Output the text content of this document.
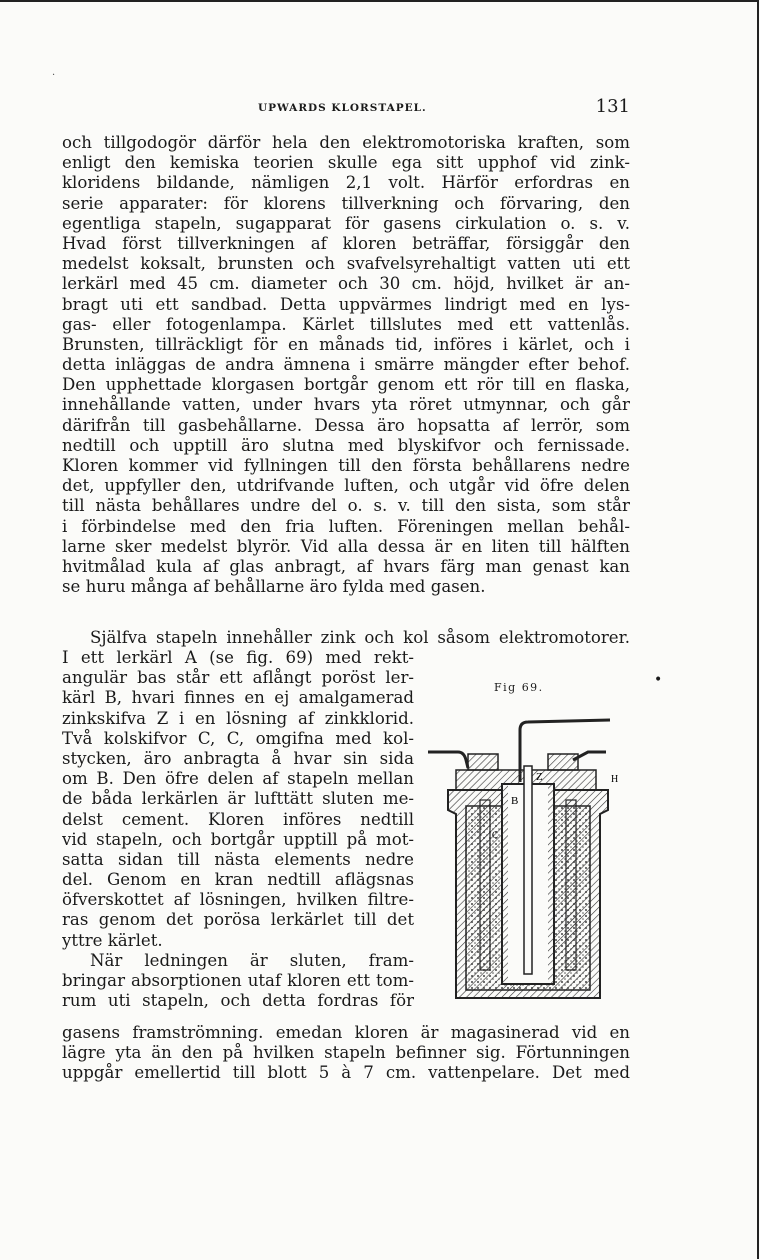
·
UPWARDS KLORSTAPEL.	131
och tillgodogör därför hela den elektromotoriska kraften, som
enligt den kemiska teorien skulle ega sitt upphof vid zink-
kloridens bildande, nämligen 2,1 volt. Härför erfordras en
serie apparater: för klorens tillverkning och förvaring, den
egentliga stapeln, sugapparat för gasens cirkulation o. s. v.
Hvad först tillverkningen af kloren beträffar, försiggår den
medelst koksalt, brunsten och svafvelsyrehaltigt vatten uti ett
lerkärl med 45 cm. diameter och 30 cm. höjd, hvilket är an-
bragt uti ett sandbad. Detta uppvärmes lindrigt med en lys-
gas- eller fotogenlampa. Kärlet tillslutes med ett vattenlås.
Brunsten, tillräckligt för en månads tid, införes i kärlet, och i
detta inläggas de andra ämnena i smärre mängder efter behof.
Den upphettade klorgasen bortgår genom ett rör till en flaska,
innehållande vatten, under hvars yta röret utmynnar, och går
därifrån till gasbehållarne. Dessa äro hopsatta af lerrör, som
nedtill och upptill äro slutna med blyskifvor och fernissade.
Kloren kommer vid fyllningen till den första behållarens nedre
det, uppfyller den, utdrifvande luften, och utgår vid öfre delen
till nästa behållares undre del o. s. v. till den sista, som står
i förbindelse med den fria luften. Föreningen mellan behål-
larne sker medelst blyrör. Vid alla dessa är en liten till hälften
hvitmålad kula af glas anbragt, af hvars färg man genast kan
se huru många af behållarne äro fylda med gasen.
Själfva stapeln innehåller zink och kol såsom elektromotorer.
I ett lerkärl A (se fig. 69) med rekt-
angulär bas står ett aflångt poröst ler-
kärl B, hvari finnes en ej amalgamerad
zinkskifva Z i en lösning af zinkklorid.
Två kolskifvor C, C, omgifna med kol-
stycken, äro anbragta å hvar sin sida
om B. Den öfre delen af stapeln mellan
de båda lerkärlen är lufttätt sluten me-
delst cement. Kloren införes nedtill
vid stapeln, och bortgår upptill på mot-
satta sidan till nästa elements nedre
del. Genom en kran nedtill aflägsnas
öfverskottet af lösningen, hvilken filtre-
ras genom det porösa lerkärlet till det
yttre kärlet.
När ledningen är sluten, fram-
bringar absorptionen utaf kloren ett tom-
rum uti stapeln, och detta fordras för
gasens framströmning. emedan kloren är magasinerad vid en
lägre yta än den på hvilken stapeln befinner sig. Förtunningen
uppgår emellertid till blott 5 à 7 cm. vattenpelare. Det med
Fig 69.	•
Z
B
H
C
